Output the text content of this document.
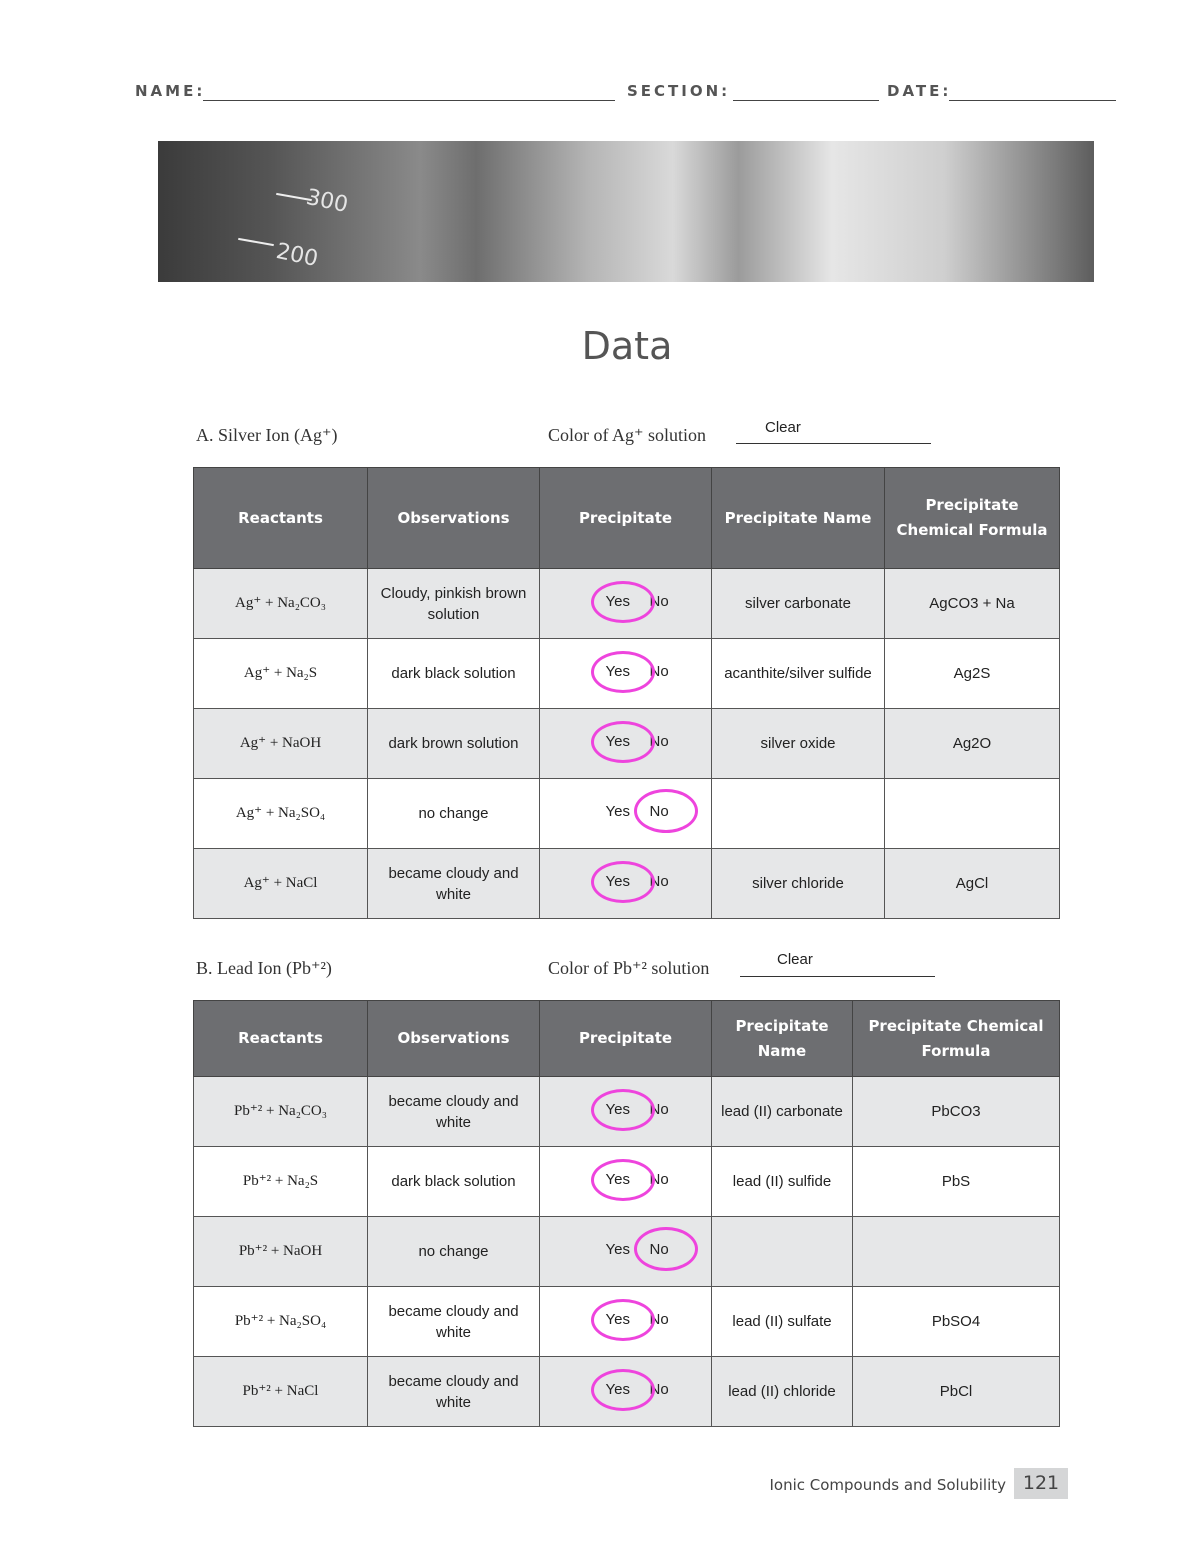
NAME:	SECTION:	DATE:
300
200
Data
A. Silver Ion (Ag⁺)	Color of Ag⁺ solution	Clear
Reactants	Observations	Precipitate	Precipitate Name	Precipitate Chemical Formula
Ag⁺ + Na₂CO₃	Cloudy, pinkish brown solution	Yes No	silver carbonate	AgCO3 + Na
Ag⁺ + Na₂S	dark black solution	Yes No	acanthite/silver sulfide	Ag2S
Ag⁺ + NaOH	dark brown solution	Yes No	silver oxide	Ag2O
Ag⁺ + Na₂SO₄	no change	Yes No		

Ag⁺ + NaCl	became cloudy and white	Yes No	silver chloride	AgCl
B. Lead Ion (Pb⁺²)	Color of Pb⁺² solution	Clear
Reactants	Observations	Precipitate	Precipitate Name	Precipitate Chemical Formula
Pb⁺² + Na₂CO₃	became cloudy and white	Yes No	lead (II) carbonate	PbCO3
Pb⁺² + Na₂S	dark black solution	Yes No	lead (II) sulfide	PbS
Pb⁺² + NaOH	no change	Yes No		

Pb⁺² + Na₂SO₄	became cloudy and white	Yes No	lead (II) sulfate	PbSO4
Pb⁺² + NaCl	became cloudy and white	Yes No	lead (II) chloride	PbCl
Ionic Compounds and Solubility 121
